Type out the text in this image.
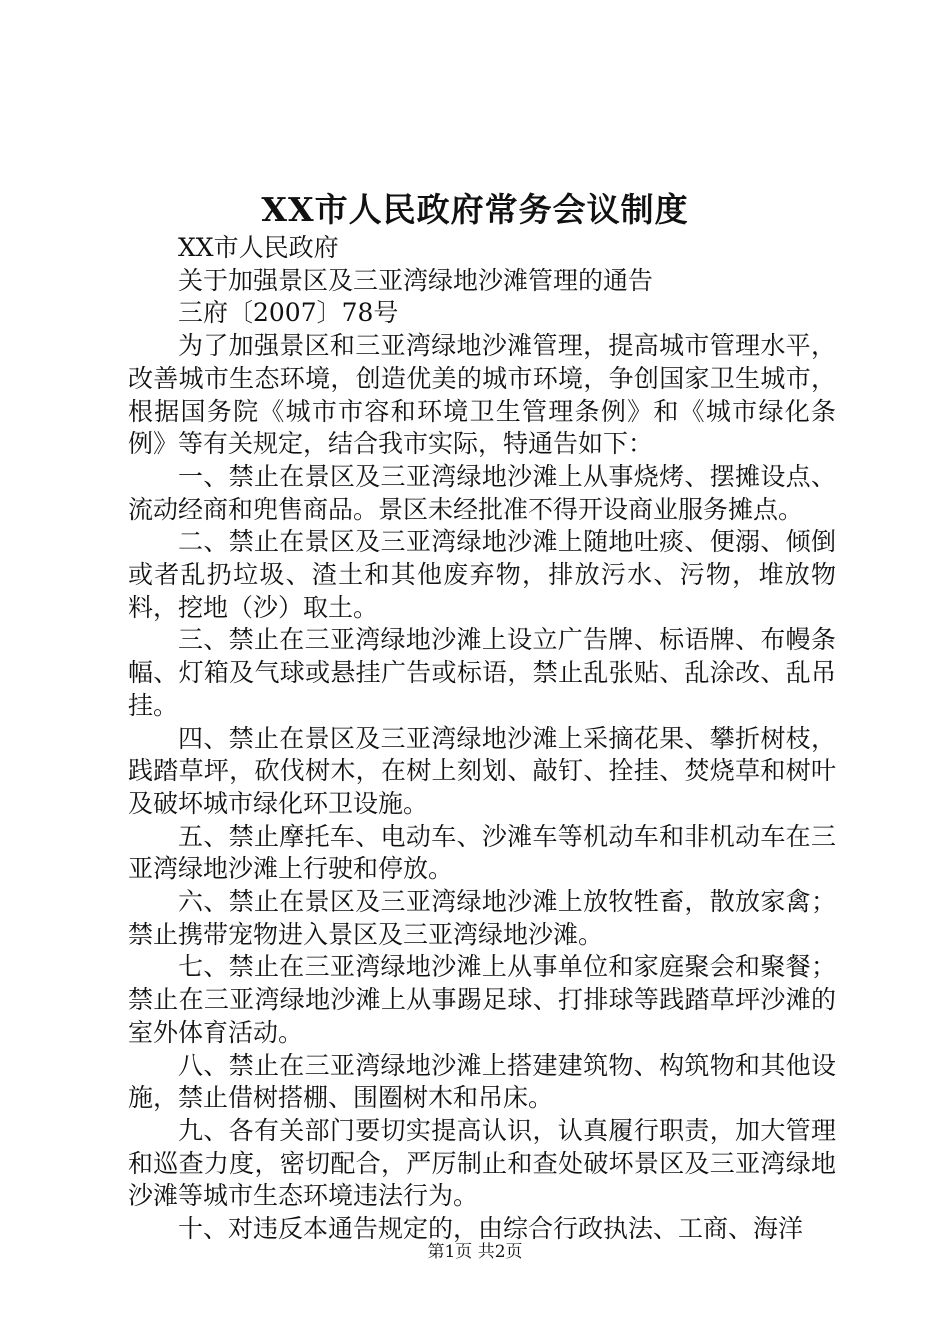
XX市人民政府常务会议制度

XX市人民政府

关于加强景区及三亚湾绿地沙滩管理的通告

三府〔2007〕78号

为了加强景区和三亚湾绿地沙滩管理，提高城市管理水平，改善城市生态环境，创造优美的城市环境，争创国家卫生城市，根据国务院《城市市容和环境卫生管理条例》和《城市绿化条例》等有关规定，结合我市实际，特通告如下：

一、禁止在景区及三亚湾绿地沙滩上从事烧烤、摆摊设点、流动经商和兜售商品。景区未经批准不得开设商业服务摊点。

二、禁止在景区及三亚湾绿地沙滩上随地吐痰、便溺、倾倒或者乱扔垃圾、渣土和其他废弃物，排放污水、污物，堆放物料，挖地（沙）取土。

三、禁止在三亚湾绿地沙滩上设立广告牌、标语牌、布幔条幅、灯箱及气球或悬挂广告或标语，禁止乱张贴、乱涂改、乱吊挂。

四、禁止在景区及三亚湾绿地沙滩上采摘花果、攀折树枝，践踏草坪，砍伐树木，在树上刻划、敲钉、拴挂、焚烧草和树叶及破坏城市绿化环卫设施。

五、禁止摩托车、电动车、沙滩车等机动车和非机动车在三亚湾绿地沙滩上行驶和停放。

六、禁止在景区及三亚湾绿地沙滩上放牧牲畜，散放家禽；禁止携带宠物进入景区及三亚湾绿地沙滩。

七、禁止在三亚湾绿地沙滩上从事单位和家庭聚会和聚餐；禁止在三亚湾绿地沙滩上从事踢足球、打排球等践踏草坪沙滩的室外体育活动。

八、禁止在三亚湾绿地沙滩上搭建建筑物、构筑物和其他设施，禁止借树搭棚、围圈树木和吊床。

九、各有关部门要切实提高认识，认真履行职责，加大管理和巡查力度，密切配合，严厉制止和查处破坏景区及三亚湾绿地沙滩等城市生态环境违法行为。

十、对违反本通告规定的，由综合行政执法、工商、海洋

第1页 共2页
